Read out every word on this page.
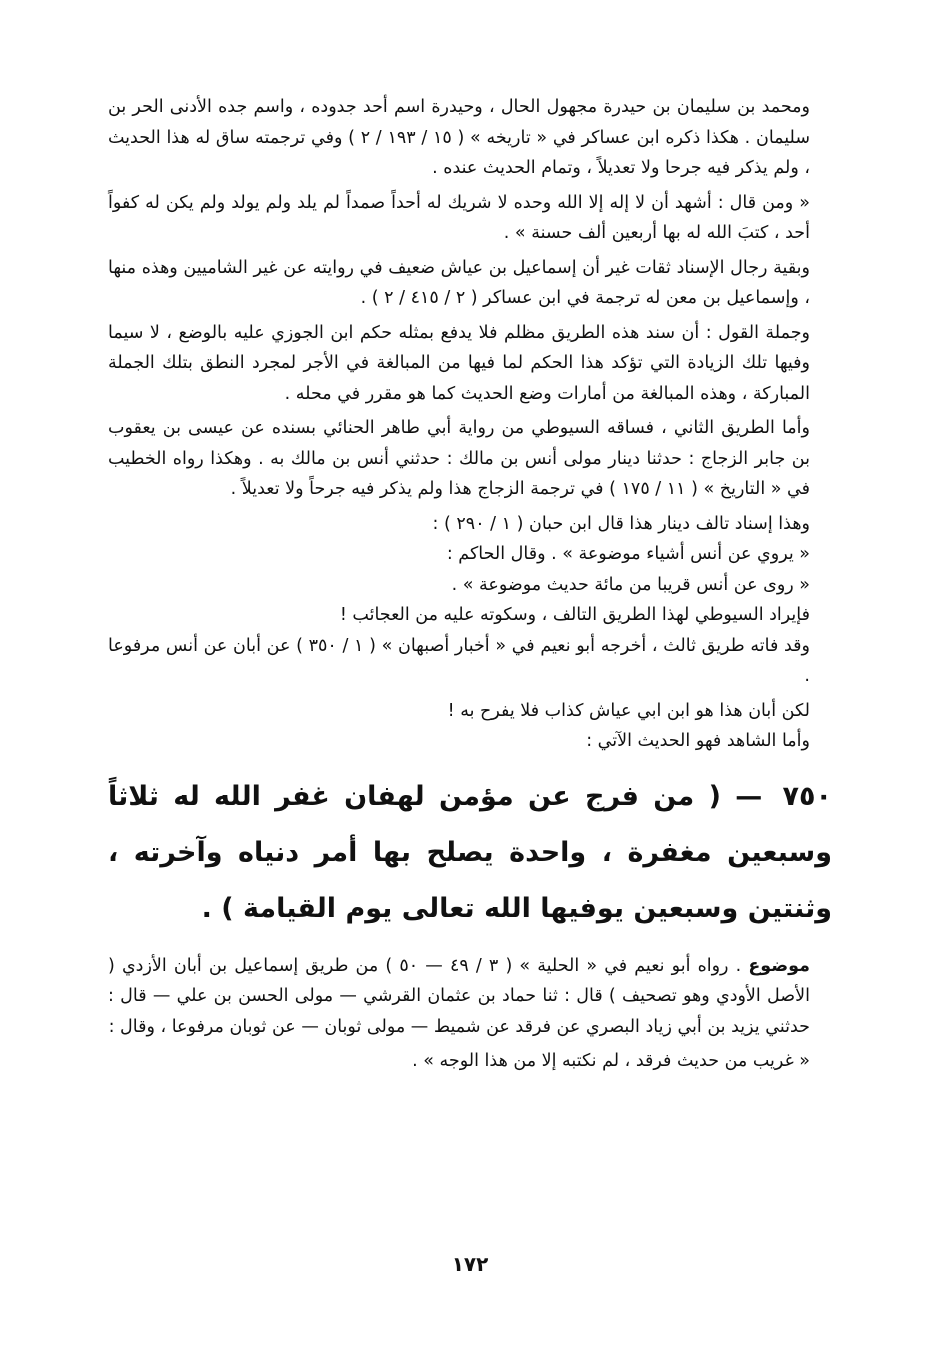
ومحمد بن سليمان بن حيدرة مجهول الحال ، وحيدرة اسم أحد جدوده ، واسم جده الأدنى الحر بن سليمان . هكذا ذكره ابن عساكر في « تاريخه » ( ١٥ / ١٩٣ / ٢ ) وفي ترجمته ساق له هذا الحديث ، ولم يذكر فيه جرحا ولا تعديلاً ، وتمام الحديث عنده .

« ومن قال : أشهد أن لا إله إلا الله وحده لا شريك له أحداً صمداً لم يلد ولم يولد ولم يكن له كفواً أحد ، كتبَ الله له بها أربعين ألف حسنة » .

وبقية رجال الإسناد ثقات غير أن إسماعيل بن عياش ضعيف في روايته عن غير الشاميين وهذه منها ، وإسماعيل بن معن له ترجمة في ابن عساكر ( ٢ / ٤١٥ / ٢ ) .

وجملة القول : أن سند هذه الطريق مظلم فلا يدفع بمثله حكم ابن الجوزي عليه بالوضع ، لا سيما وفيها تلك الزيادة التي تؤكد هذا الحكم لما فيها من المبالغة في الأجر لمجرد النطق بتلك الجملة المباركة ، وهذه المبالغة من أمارات وضع الحديث كما هو مقرر في محله .

وأما الطريق الثاني ، فساقه السيوطي من رواية أبي طاهر الحنائي بسنده عن عيسى بن يعقوب بن جابر الزجاج : حدثنا دينار مولى أنس بن مالك : حدثني أنس بن مالك به . وهكذا رواه الخطيب في « التاريخ » ( ١١ / ١٧٥ ) في ترجمة الزجاج هذا ولم يذكر فيه جرحاً ولا تعديلاً .

وهذا إسناد تالف دينار هذا قال ابن حبان ( ١ / ٢٩٠ ) :

« يروي عن أنس أشياء موضوعة » . وقال الحاكم :

« روى عن أنس قريبا من مائة حديث موضوعة » .

فإيراد السيوطي لهذا الطريق التالف ، وسكوته عليه من العجائب !

وقد فاته طريق ثالث ، أخرجه أبو نعيم في « أخبار أصبهان » ( ١ / ٣٥٠ ) عن أبان عن أنس مرفوعا .

لكن أبان هذا هو ابن ابي عياش كذاب فلا يفرح به !

وأما الشاهد فهو الحديث الآتي :

٧٥٠ — ( من فرج عن مؤمن لهفان غفر الله له ثلاثاً وسبعين مغفرة ، واحدة يصلح بها أمر دنياه وآخرته ، وثنتين وسبعين يوفيها الله تعالى يوم القيامة ) .

موضوع . رواه أبو نعيم في « الحلية » ( ٣ / ٤٩ — ٥٠ ) من طريق إسماعيل بن أبان الأزدي ( الأصل الأودي وهو تصحيف ) قال : ثنا حماد بن عثمان القرشي — مولى الحسن بن علي — قال : حدثني يزيد بن أبي زياد البصري عن فرقد عن شميط — مولى ثوبان — عن ثوبان مرفوعا ، وقال :

« غريب من حديث فرقد ، لم نكتبه إلا من هذا الوجه » .

١٧٢
